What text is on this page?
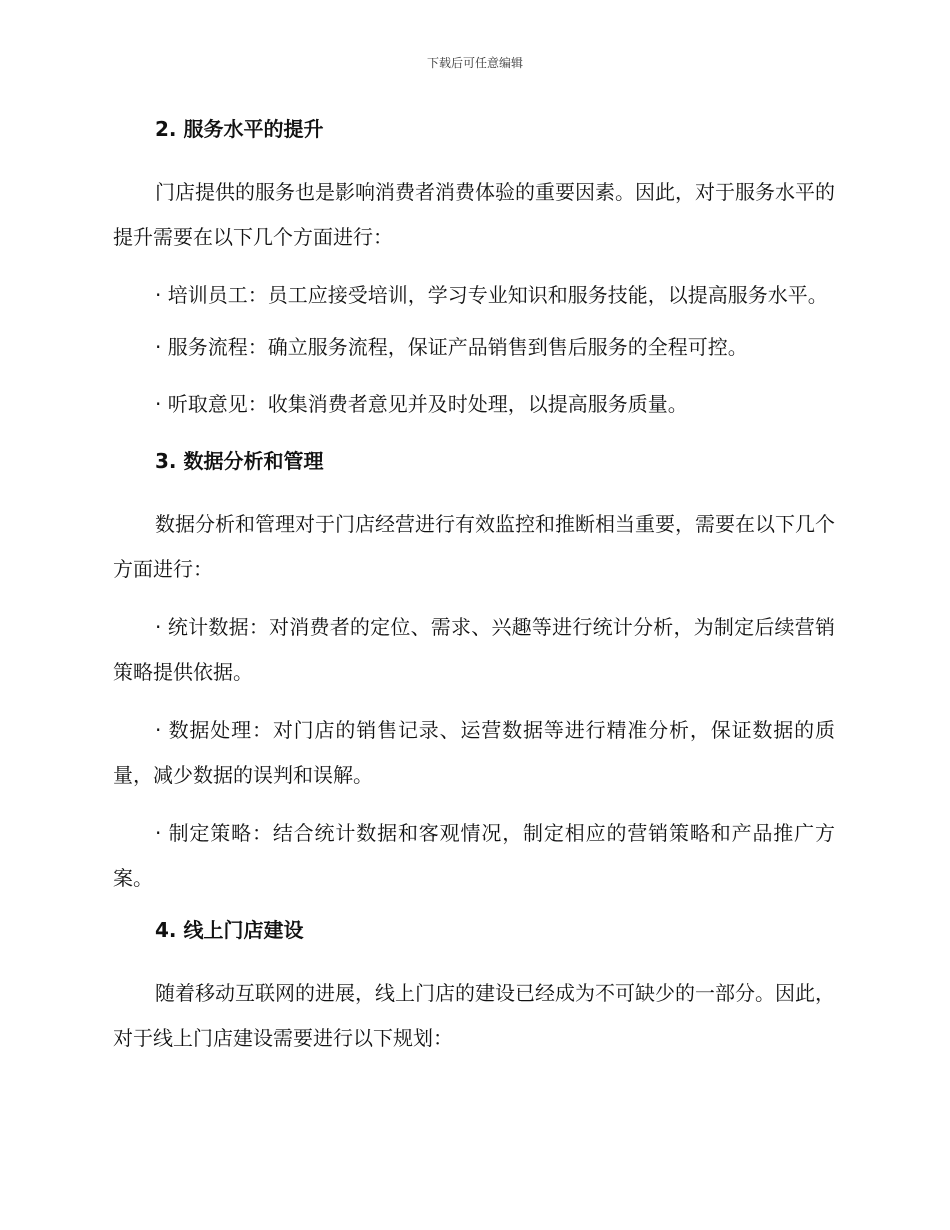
下载后可任意编辑
2. 服务水平的提升

门店提供的服务也是影响消费者消费体验的重要因素。因此，对于服务水平的提升需要在以下几个方面进行：

· 培训员工：员工应接受培训，学习专业知识和服务技能，以提高服务水平。

· 服务流程：确立服务流程，保证产品销售到售后服务的全程可控。

· 听取意见：收集消费者意见并及时处理，以提高服务质量。

3. 数据分析和管理

数据分析和管理对于门店经营进行有效监控和推断相当重要，需要在以下几个方面进行：

· 统计数据：对消费者的定位、需求、兴趣等进行统计分析，为制定后续营销策略提供依据。

· 数据处理：对门店的销售记录、运营数据等进行精准分析，保证数据的质量，减少数据的误判和误解。

· 制定策略：结合统计数据和客观情况，制定相应的营销策略和产品推广方案。

4. 线上门店建设

随着移动互联网的进展，线上门店的建设已经成为不可缺少的一部分。因此，对于线上门店建设需要进行以下规划：
